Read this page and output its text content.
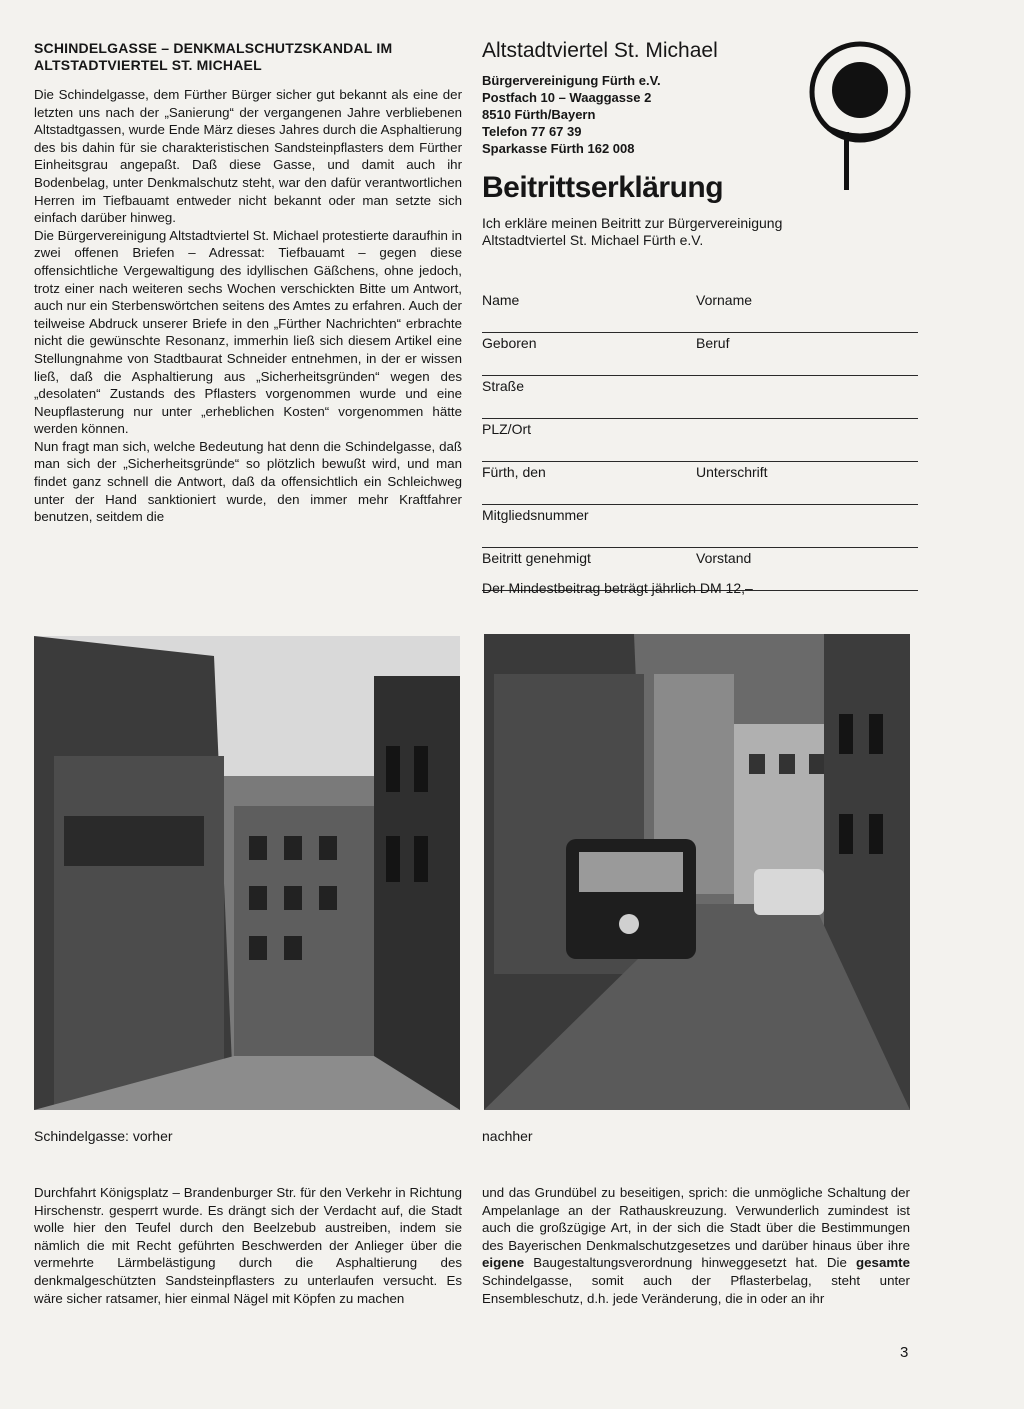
SCHINDELGASSE – DENKMALSCHUTZSKANDAL IM
ALTSTADTVIERTEL ST. MICHAEL

Die Schindelgasse, dem Fürther Bürger sicher gut bekannt als eine der letzten uns nach der „Sanierung“ der vergangenen Jahre verbliebenen Altstadtgassen, wurde Ende März dieses Jahres durch die Asphaltierung des bis dahin für sie charakteristischen Sandsteinpflasters dem Fürther Einheitsgrau angepaßt. Daß diese Gasse, und damit auch ihr Bodenbelag, unter Denkmalschutz steht, war den dafür verantwortlichen Herren im Tiefbauamt entweder nicht bekannt oder man setzte sich einfach darüber hinweg.

Die Bürgervereinigung Altstadtviertel St. Michael protestierte daraufhin in zwei offenen Briefen – Adressat: Tiefbauamt – gegen diese offensichtliche Vergewaltigung des idyllischen Gäßchens, ohne jedoch, trotz einer nach weiteren sechs Wochen verschickten Bitte um Antwort, auch nur ein Sterbenswörtchen seitens des Amtes zu erfahren. Auch der teilweise Abdruck unserer Briefe in den „Fürther Nachrichten“ erbrachte nicht die gewünschte Resonanz, immerhin ließ sich diesem Artikel eine Stellungnahme von Stadtbaurat Schneider entnehmen, in der er wissen ließ, daß die Asphaltierung aus „Sicherheitsgründen“ wegen des „desolaten“ Zustands des Pflasters vorgenommen wurde und eine Neupflasterung nur unter „erheblichen Kosten“ vorgenommen hätte werden können.

Nun fragt man sich, welche Bedeutung hat denn die Schindelgasse, daß man sich der „Sicherheitsgründe“ so plötzlich bewußt wird, und man findet ganz schnell die Antwort, daß da offensichtlich ein Schleichweg unter der Hand sanktioniert wurde, den immer mehr Kraftfahrer benutzen, seitdem die

Altstadtviertel St. Michael
Bürgervereinigung Fürth e.V.
Postfach 10 – Waaggasse 2
8510 Fürth/Bayern
Telefon 77 67 39
Sparkasse Fürth 162 008
Beitrittserklärung
Ich erkläre meinen Beitritt zur Bürgervereinigung Altstadtviertel St. Michael Fürth e.V.
Name	Vorname
Geboren	Beruf
Straße
PLZ/Ort
Fürth, den	Unterschrift
Mitgliedsnummer
Beitritt genehmigt	Vorstand
Der Mindestbeitrag beträgt jährlich DM 12,–
Schindelgasse: vorher	nachher
Durchfahrt Königsplatz – Brandenburger Str. für den Verkehr in Richtung Hirschenstr. gesperrt wurde. Es drängt sich der Verdacht auf, die Stadt wolle hier den Teufel durch den Beelzebub austreiben, indem sie nämlich die mit Recht geführten Beschwerden der Anlieger über die vermehrte Lärmbelästigung durch die Asphaltierung des denkmalgeschützten Sandsteinpflasters zu unterlaufen versucht. Es wäre sicher ratsamer, hier einmal Nägel mit Köpfen zu machen
und das Grundübel zu beseitigen, sprich: die unmögliche Schaltung der Ampelanlage an der Rathauskreuzung. Verwunderlich zumindest ist auch die großzügige Art, in der sich die Stadt über die Bestimmungen des Bayerischen Denkmalschutzgesetzes und darüber hinaus über ihre eigene Baugestaltungsverordnung hinweggesetzt hat. Die gesamte Schindelgasse, somit auch der Pflasterbelag, steht unter Ensembleschutz, d.h. jede Veränderung, die in oder an ihr
3
